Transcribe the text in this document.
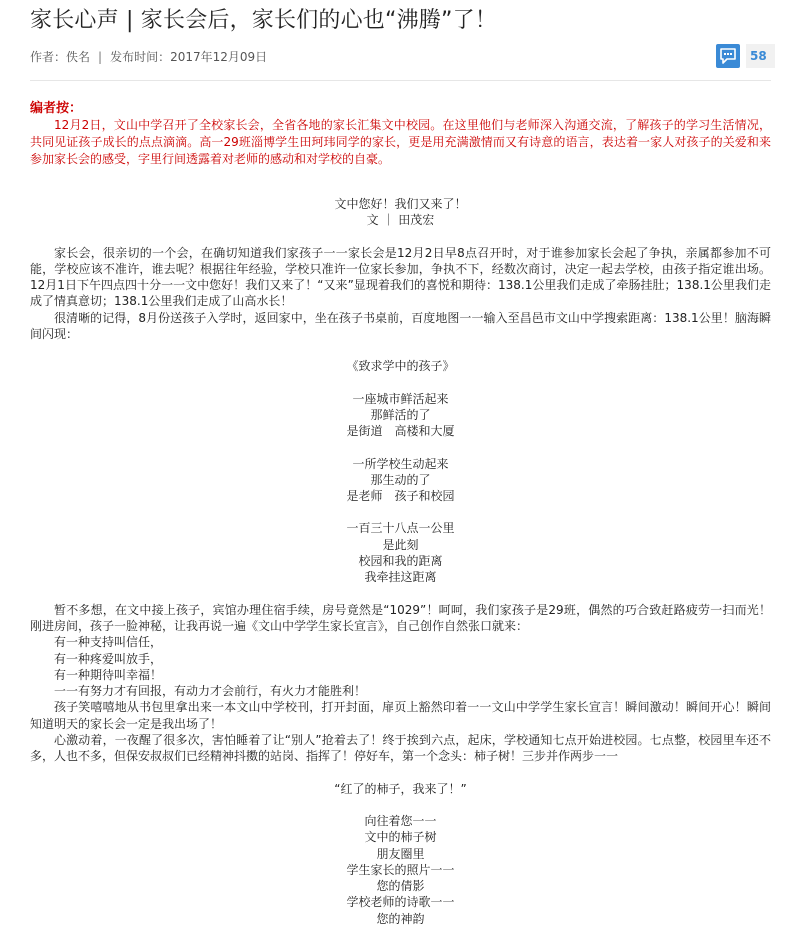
家长心声 | 家长会后，家长们的心也“沸腾”了！
作者：佚名 | 发布时间：2017年12月09日	58
编者按：

12月2日，文山中学召开了全校家长会，全省各地的家长汇集文中校园。在这里他们与老师深入沟通交流，了解孩子的学习生活情况，共同见证孩子成长的点点滴滴。高一29班淄博学生田珂玮同学的家长，更是用充满激情而又有诗意的语言，表达着一家人对孩子的关爱和来参加家长会的感受，字里行间透露着对老师的感动和对学校的自豪。

文中您好！我们又来了！
文 ｜ 田茂宏

家长会，很亲切的一个会，在确切知道我们家孩子一一家长会是12月2日早8点召开时，对于谁参加家长会起了争执，亲属都参加不可能，学校应该不准许，谁去呢？根据往年经验，学校只准许一位家长参加，争执不下，经数次商讨，决定一起去学校，由孩子指定谁出场。12月1日下午四点四十分一一文中您好！我们又来了！“又来”显现着我们的喜悦和期待：138.1公里我们走成了牵肠挂肚；138.1公里我们走成了情真意切；138.1公里我们走成了山高水长！

很清晰的记得，8月份送孩子入学时，返回家中，坐在孩子书桌前，百度地图一一输入至昌邑市文山中学搜索距离：138.1公里！脑海瞬间闪现：

《致求学中的孩子》
一座城市鲜活起来
那鲜活的了
是街道　高楼和大厦
一所学校生动起来
那生动的了
是老师　孩子和校园
一百三十八点一公里
是此刻
校园和我的距离
我牵挂这距离

暂不多想，在文中接上孩子，宾馆办理住宿手续，房号竟然是“1029”！呵呵，我们家孩子是29班，偶然的巧合致赶路疲劳一扫而光！刚进房间，孩子一脸神秘，让我再说一遍《文山中学学生家长宣言》，自己创作自然张口就来：

有一种支持叫信任，
有一种疼爱叫放手，
有一种期待叫幸福！
一一有努力才有回报，有动力才会前行，有火力才能胜利！

孩子笑嘻嘻地从书包里拿出来一本文山中学校刊，打开封面，扉页上豁然印着一一文山中学学生家长宣言！瞬间激动！瞬间开心！瞬间知道明天的家长会一定是我出场了！

心激动着，一夜醒了很多次，害怕睡着了让“别人”抢着去了！终于挨到六点，起床，学校通知七点开始进校园。七点整，校园里车还不多，人也不多，但保安叔叔们已经精神抖擞的站岗、指挥了！停好车，第一个念头：柿子树！三步并作两步一一

“红了的柿子，我来了！”
向往着您一一
文中的柿子树
朋友圈里
学生家长的照片一一
您的倩影
学校老师的诗歌一一
您的神韵
